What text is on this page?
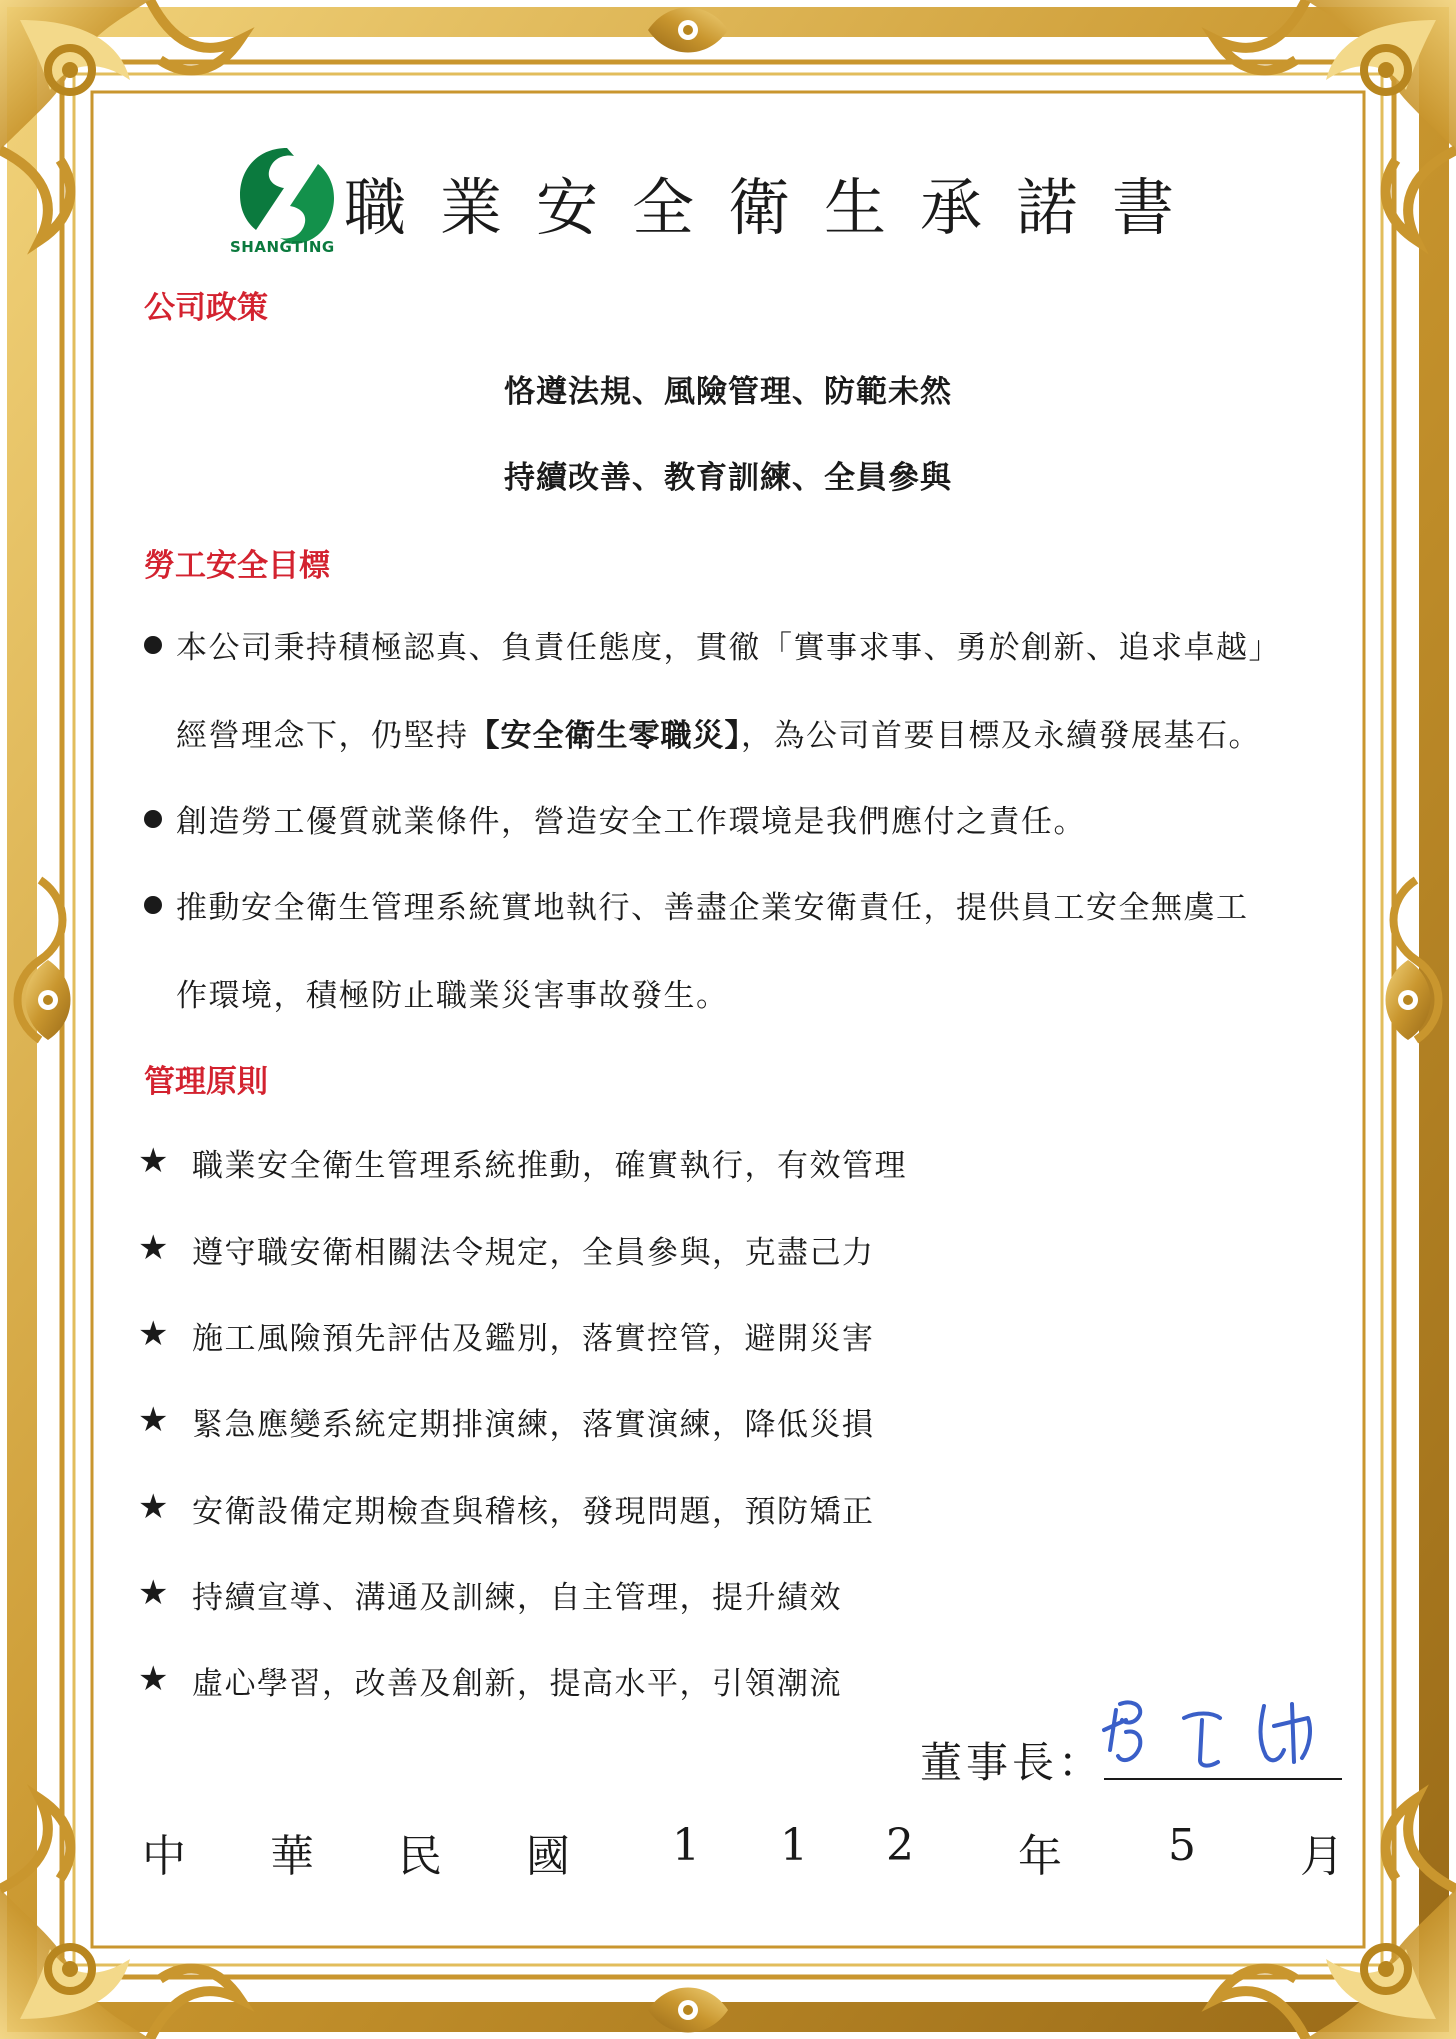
SHANGTING
職業安全衛生承諾書
公司政策
恪遵法規、風險管理、防範未然
持續改善、教育訓練、全員參與
勞工安全目標
本公司秉持積極認真、負責任態度，貫徹「實事求事、勇於創新、追求卓越」
經營理念下，仍堅持【安全衛生零職災】，為公司首要目標及永續發展基石。
創造勞工優質就業條件，營造安全工作環境是我們應付之責任。
推動安全衛生管理系統實地執行、善盡企業安衛責任，提供員工安全無虞工
作環境，積極防止職業災害事故發生。
管理原則
★ 職業安全衛生管理系統推動，確實執行，有效管理
★ 遵守職安衛相關法令規定，全員參與，克盡己力
★ 施工風險預先評估及鑑別，落實控管，避開災害
★ 緊急應變系統定期排演練，落實演練，降低災損
★ 安衛設備定期檢查與稽核，發現問題，預防矯正
★ 持續宣導、溝通及訓練，自主管理，提升績效
★ 虛心學習，改善及創新，提高水平，引領潮流
董事長：
中 華 民 國 1 1 2 年 5 月
